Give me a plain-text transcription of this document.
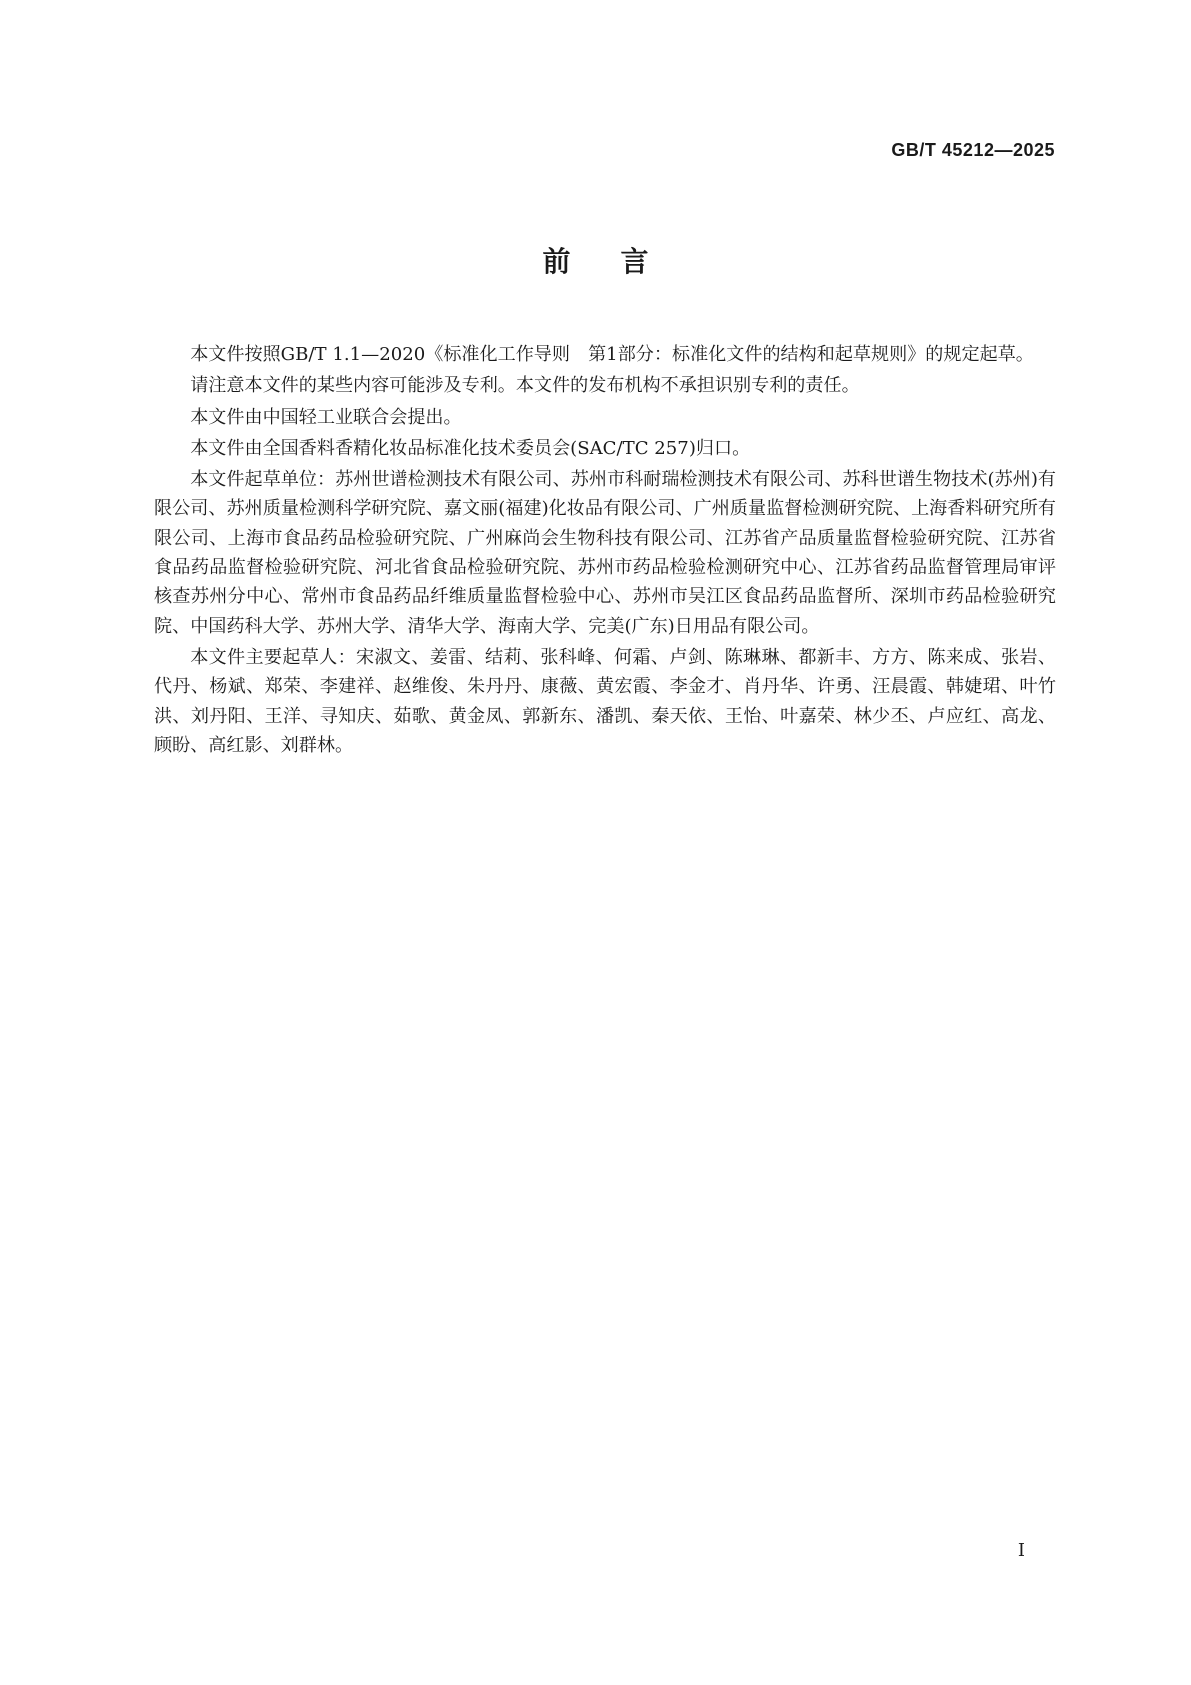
GB/T 45212—2025
前言

本文件按照GB/T 1.1—2020《标准化工作导则　第1部分：标准化文件的结构和起草规则》的规定起草。

请注意本文件的某些内容可能涉及专利。本文件的发布机构不承担识别专利的责任。

本文件由中国轻工业联合会提出。

本文件由全国香料香精化妆品标准化技术委员会(SAC/TC 257)归口。

本文件起草单位：苏州世谱检测技术有限公司、苏州市科耐瑞检测技术有限公司、苏科世谱生物技术(苏州)有限公司、苏州质量检测科学研究院、嘉文丽(福建)化妆品有限公司、广州质量监督检测研究院、上海香料研究所有限公司、上海市食品药品检验研究院、广州麻尚会生物科技有限公司、江苏省产品质量监督检验研究院、江苏省食品药品监督检验研究院、河北省食品检验研究院、苏州市药品检验检测研究中心、江苏省药品监督管理局审评核查苏州分中心、常州市食品药品纤维质量监督检验中心、苏州市吴江区食品药品监督所、深圳市药品检验研究院、中国药科大学、苏州大学、清华大学、海南大学、完美(广东)日用品有限公司。

本文件主要起草人：宋淑文、姜雷、结莉、张科峰、何霜、卢剑、陈琳琳、都新丰、方方、陈来成、张岩、代丹、杨斌、郑荣、李建祥、赵维俊、朱丹丹、康薇、黄宏霞、李金才、肖丹华、许勇、汪晨霞、韩婕珺、叶竹洪、刘丹阳、王洋、寻知庆、茹歌、黄金凤、郭新东、潘凯、秦天依、王怡、叶嘉荣、林少丕、卢应红、高龙、顾盼、高红影、刘群林。

I
